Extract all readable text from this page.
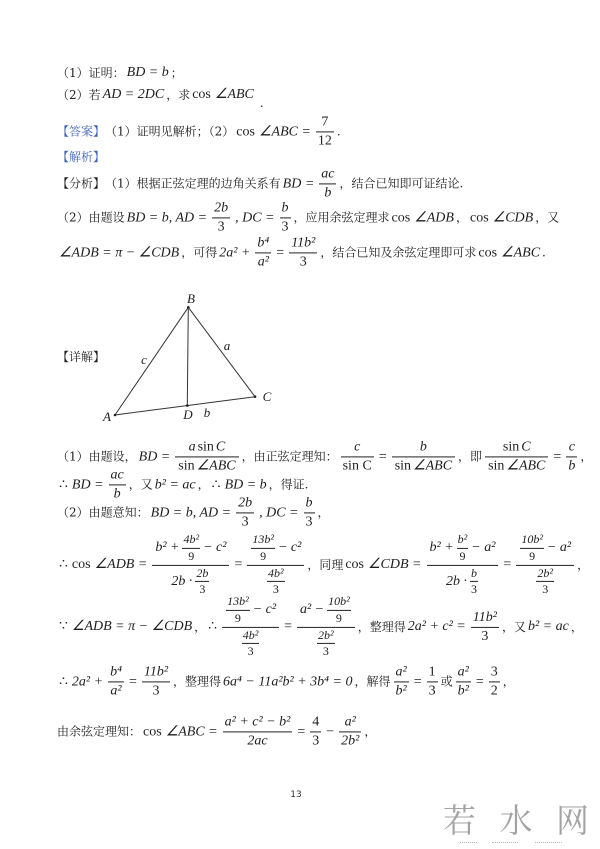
（1）证明： BD = b ；
（2）若 AD = 2DC ，求 cos ∠ABC
.
【答案】 （1）证明见解析；（2） cos ∠ABC = $\frac{7}{12}$ .
【解析】
【分析】 （1）根据正弦定理的边角关系有 BD = $\frac{ac}{b}$ ，结合已知即可证结论.
（2）由题设 BD = b, AD = $\frac{2b}{3}$ , DC = $\frac{b}{3}$ ，应用余弦定理求 cos ∠ADB ， cos ∠CDB ，又
∠ADB = π − ∠CDB ，可得 $2a^2 + \frac{\text{b⁴}}{\text{a²}} = \frac{\text{11b²}}{3}$ ，结合已知及余弦定理即可求 cos ∠ABC .
【详解】
B
A
C
D
a
b
c
（1）由题设， BD = $\frac{\text{a sin C}}{\text{sin ∠ABC}}$ ，由正弦定理知： $\frac{c}{\text{sin C}} = \frac{b}{\text{sin ∠ABC}}$ ，即 $\frac{\text{sin C}}{\text{sin ∠ABC}} = \frac{c}{b}$ ，
∴ BD = $\frac{ac}{b}$ ，又 b² = ac ， ∴ BD = b ，得证.
（2）由题意知： BD = b, AD = $\frac{2b}{3}$ , DC = $\frac{b}{3}$ ，
∴ cos ∠ADB =
$b^2 + \frac{\text{4b²}}{9} - c^2$
$2b \cdot \frac{2b}{3}$
= $\frac{\frac{\text{13b²}}{9} - c^2}{\frac{\text{4b²}}{3}}$ ，同理 cos ∠CDB = $\frac{b^2 + \frac{\text{b²}}{9} - a^2}{2b \cdot \frac{b}{3}} = \frac{\frac{\text{10b²}}{9} - a^2}{\frac{\text{2b²}}{3}}$ ，
∵ ∠ADB = π − ∠CDB ， ∴ $\frac{\frac{\text{13b²}}{9} - c^2}{\frac{\text{4b²}}{3}} = \frac{a^2 - \frac{\text{10b²}}{9}}{\frac{\text{2b²}}{3}}$ ，整理得 $2a^2 + c^2 = \frac{\text{11b²}}{3}$ ，又 b² = ac ，
∴ $2a^2 + \frac{\text{b⁴}}{\text{a²}} = \frac{\text{11b²}}{3}$ ，整理得 6a⁴ − 11a²b² + 3b⁴ = 0 ，解得 $\frac{\text{a²}}{\text{b²}} = \frac{1}{3}$ 或 $\frac{\text{a²}}{\text{b²}} = \frac{3}{2}$ ，
由余弦定理知： cos ∠ABC = $\frac{\text{a² + c² − b²}}{2ac} = \frac{4}{3} - \frac{\text{a²}}{\text{2b²}}$ ，
13
若 水 网
